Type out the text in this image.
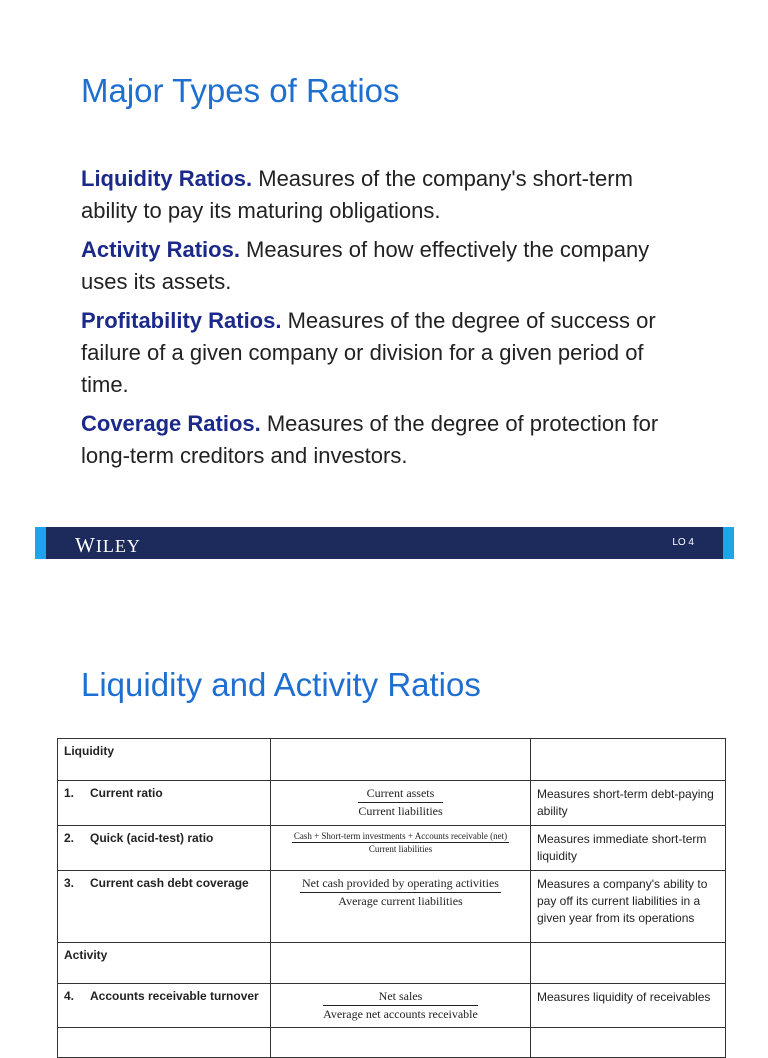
Major Types of Ratios

Liquidity Ratios. Measures of the company's short-term ability to pay its maturing obligations.

Activity Ratios. Measures of how effectively the company uses its assets.

Profitability Ratios. Measures of the degree of success or failure of a given company or division for a given period of time.

Coverage Ratios. Measures of the degree of protection for long-term creditors and investors.

WILEY	LO 4
Liquidity and Activity Ratios
Liquidity		
1. Current ratio	$\frac{\text{Current assets}}{\text{Current liabilities}}$	Measures short-term debt-paying ability
2. Quick (acid-test) ratio	$\frac{\text{Cash + Short-term investments + Accounts receivable (net)}}{\text{Current liabilities}}$	Measures immediate short-term liquidity
3. Current cash debt coverage	$\frac{\text{Net cash provided by operating activities}}{\text{Average current liabilities}}$	Measures a company's ability to pay off its current liabilities in a given year from its operations
Activity		
4. Accounts receivable turnover	$\frac{\text{Net sales}}{\text{Average net accounts receivable}}$	Measures liquidity of receivables
